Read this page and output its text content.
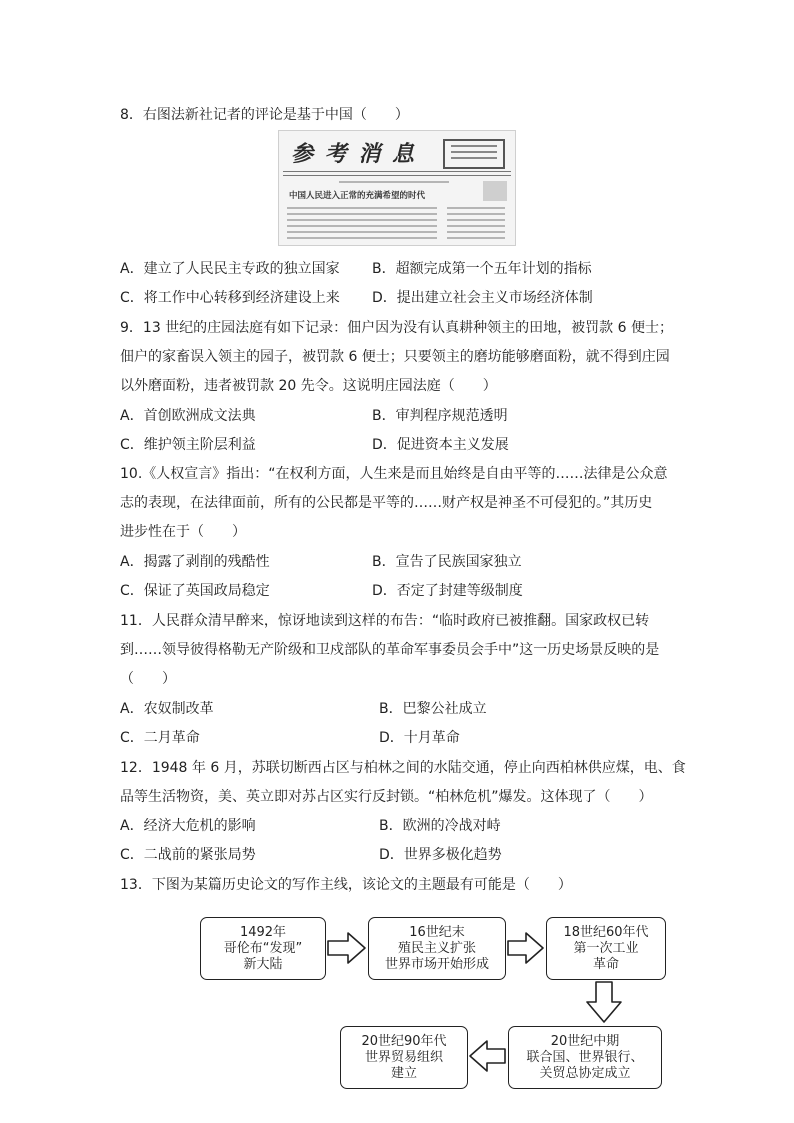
8．右图法新社记者的评论是基于中国（　　）
参 考 消 息
中国人民进入正常的充满希望的时代
A．建立了人民民主专政的独立国家 B．超额完成第一个五年计划的指标
C．将工作中心转移到经济建设上来 D．提出建立社会主义市场经济体制
9．13 世纪的庄园法庭有如下记录：佃户因为没有认真耕种领主的田地，被罚款 6 便士；
佃户的家畜误入领主的园子，被罚款 6 便士；只要领主的磨坊能够磨面粉，就不得到庄园
以外磨面粉，违者被罚款 20 先令。这说明庄园法庭（　　）
A．首创欧洲成文法典	B．审判程序规范透明
C．维护领主阶层利益	D．促进资本主义发展
10.《人权宣言》指出：“在权利方面，人生来是而且始终是自由平等的……法律是公众意
志的表现，在法律面前，所有的公民都是平等的……财产权是神圣不可侵犯的。”其历史
进步性在于（　　）
A．揭露了剥削的残酷性	B．宣告了民族国家独立
C．保证了英国政局稳定	D．否定了封建等级制度
11．人民群众清早醉来，惊讶地读到这样的布告：“临时政府已被推翻。国家政权已转
到……领导彼得格勒无产阶级和卫戍部队的革命军事委员会手中”这一历史场景反映的是
（　　）
A．农奴制改革	B．巴黎公社成立
C．二月革命	D．十月革命
12．1948 年 6 月，苏联切断西占区与柏林之间的水陆交通，停止向西柏林供应煤，电、食
品等生活物资，美、英立即对苏占区实行反封锁。“柏林危机”爆发。这体现了（　　）
A．经济大危机的影响	B．欧洲的冷战对峙
C．二战前的紧张局势	D．世界多极化趋势
13．下图为某篇历史论文的写作主线，该论文的主题最有可能是（　　）
1492年
哥伦布“发现”
新大陆
16世纪末
殖民主义扩张
世界市场开始形成
18世纪60年代
第一次工业
革命
20世纪中期
联合国、世界银行、
关贸总协定成立
20世纪90年代
世界贸易组织
建立
